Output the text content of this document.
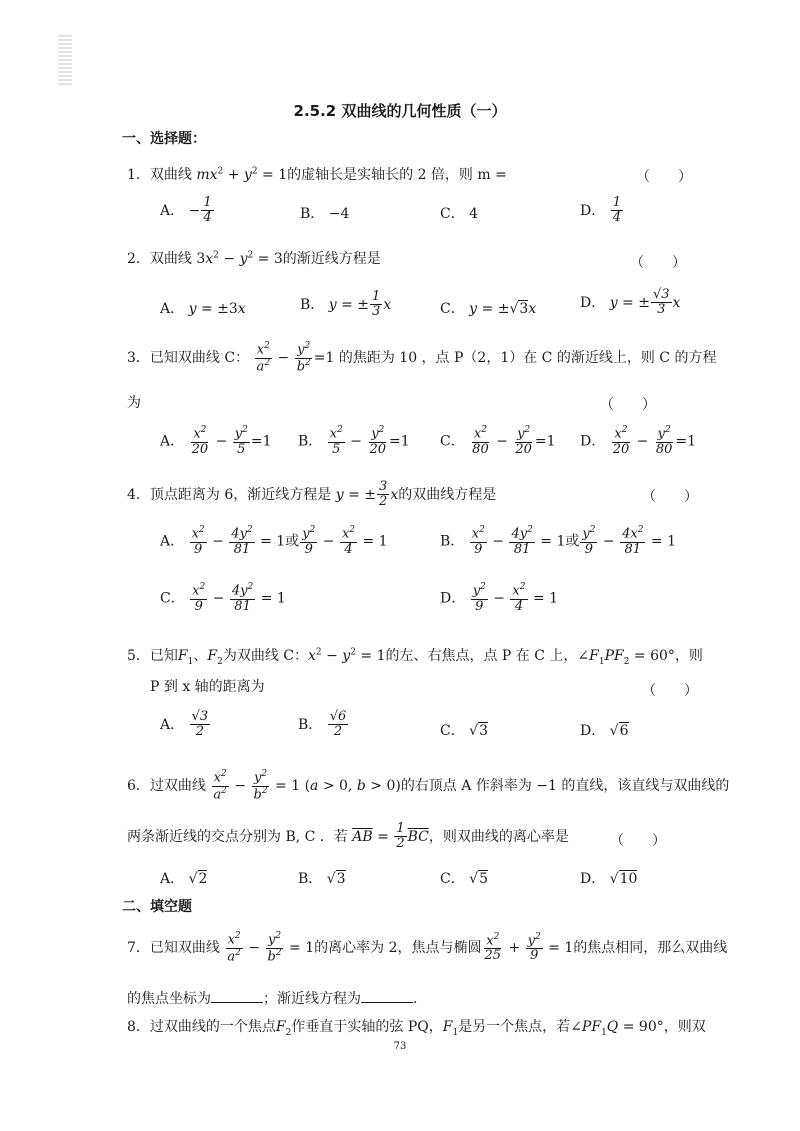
2.5.2 双曲线的几何性质（一）
一、选择题：
1．双曲线 $mx^2 + y^2 = 1$的虚轴长是实轴长的 2 倍，则 m =	（　　）
A． − $\frac{1}{4}$	B． −4	C． 4	D． $\frac{1}{4}$
2．双曲线 $3x^2 - y^2 = 3$的渐近线方程是	（　　）
A． y = ±3x	B． y = ± $\frac{1}{3}$ x	C． y = ±√3x	D． y = ± $\frac{√3}{3}$ x
3．已知双曲线 C： $\frac{x^2}{a^2} - \frac{y^2}{b^2} =1$ 的焦距为 10 ，点 P（2，1）在 C 的渐近线上，则 C 的方程
为	（　　）
A． $\frac{x^2}{20} - \frac{y^2}{5} =1$ B． $\frac{x^2}{5} - \frac{y^2}{20} =1$ C． $\frac{x^2}{80} - \frac{y^2}{20} =1$ D． $\frac{x^2}{20} - \frac{y^2}{80} =1$
4．顶点距离为 6，渐近线方程是 y = ± $\frac{3}{2}$ x的双曲线方程是	（　　）
A． $\frac{x^2}{9} - \frac{4y^2}{81} = 1$或 $\frac{y^2}{9} - \frac{x^2}{4} = 1$	B． $\frac{x^2}{9} - \frac{4y^2}{81} = 1$或 $\frac{y^2}{9} - \frac{4x^2}{81} = 1$
C． $\frac{x^2}{9} - \frac{4y^2}{81} = 1$	D． $\frac{y^2}{9} - \frac{x^2}{4} = 1$
5．已知$F_1$、$F_2$为双曲线 C：$x^2 - y^2 = 1$的左、右焦点，点 P 在 C 上，$\angle F_1PF_2 = 60^\circ$，则
P 到 x 轴的距离为	（　　）
A． $\frac{√3}{2}$	B． $\frac{√6}{2}$	C． √3	D． √6
6．过双曲线 $\frac{x^2}{a^2} - \frac{y^2}{b^2} = 1$ (a > 0, b > 0)的右顶点 A 作斜率为 −1 的直线，该直线与双曲线的
两条渐近线的交点分别为 B, C ．若 $\overline{AB} = \frac{1}{2} \overline{BC}$，则双曲线的离心率是	（　　）
A． √2	B． √3	C． √5	D． √10
二、填空题
7．已知双曲线 $\frac{x^2}{a^2} - \frac{y^2}{b^2} = 1$的离心率为 2，焦点与椭圆 $\frac{x^2}{25} + \frac{y^2}{9} = 1$的焦点相同，那么双曲线
的焦点坐标为	；渐近线方程为	.
8．过双曲线的一个焦点$F_2$作垂直于实轴的弦 PQ，$F_1$是另一个焦点，若$\angle PF_1Q = 90^\circ$，则双
73
